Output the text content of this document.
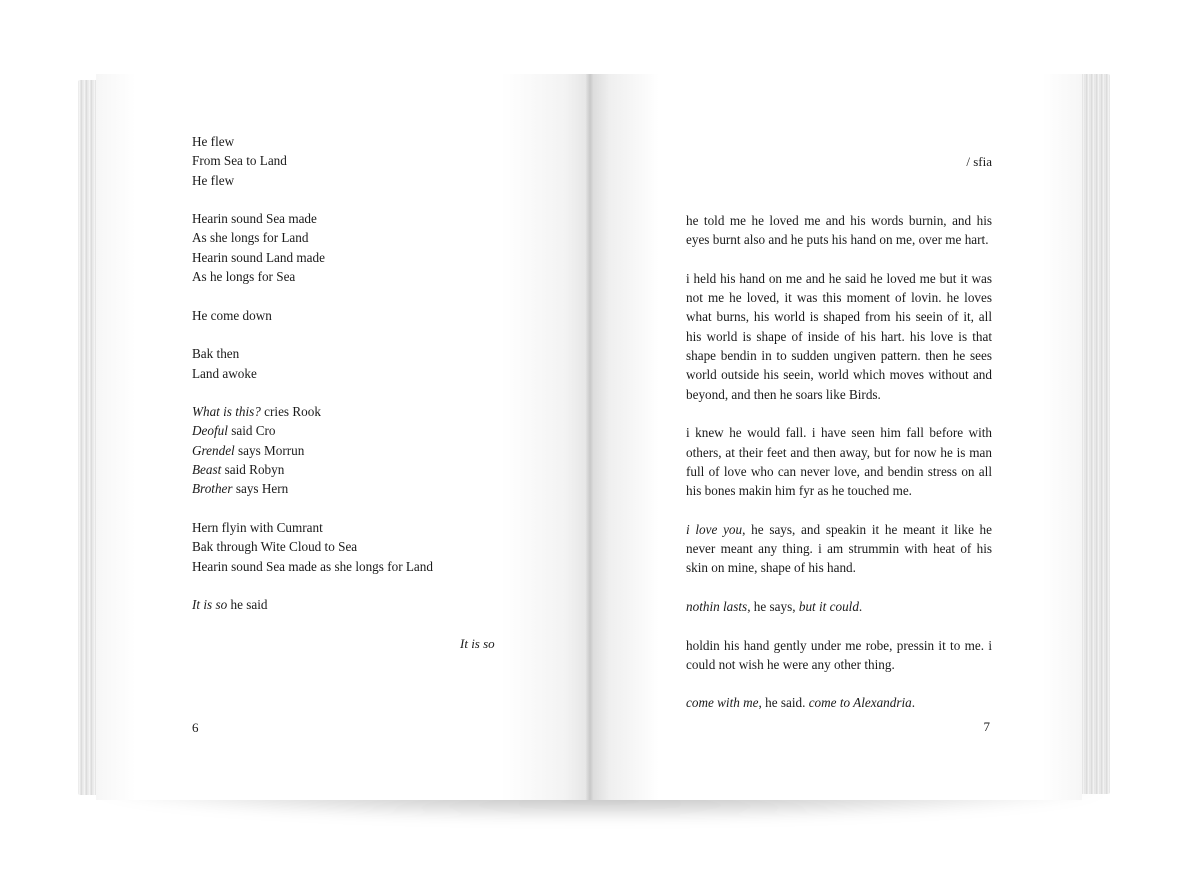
He flew
From Sea to Land
He flew
Hearin sound Sea made
As she longs for Land
Hearin sound Land made
As he longs for Sea
He come down
Bak then
Land awoke
What is this? cries Rook
Deoful said Cro
Grendel says Morrun
Beast said Robyn
Brother says Hern
Hern flyin with Cumrant
Bak through Wite Cloud to Sea
Hearin sound Sea made as she longs for Land
It is so he said
It is so
6
/ sfia

he told me he loved me and his words burnin, and his eyes burnt also and he puts his hand on me, over me hart.

i held his hand on me and he said he loved me but it was not me he loved, it was this moment of lovin. he loves what burns, his world is shaped from his seein of it, all his world is shape of inside of his hart. his love is that shape bendin in to sudden ungiven pattern. then he sees world outside his seein, world which moves without and beyond, and then he soars like Birds.

i knew he would fall. i have seen him fall before with others, at their feet and then away, but for now he is man full of love who can never love, and bendin stress on all his bones makin him fyr as he touched me.

i love you, he says, and speakin it he meant it like he never meant any thing. i am strummin with heat of his skin on mine, shape of his hand.

nothin lasts, he says, but it could.

holdin his hand gently under me robe, pressin it to me. i could not wish he were any other thing.

come with me, he said. come to Alexandria.

7
